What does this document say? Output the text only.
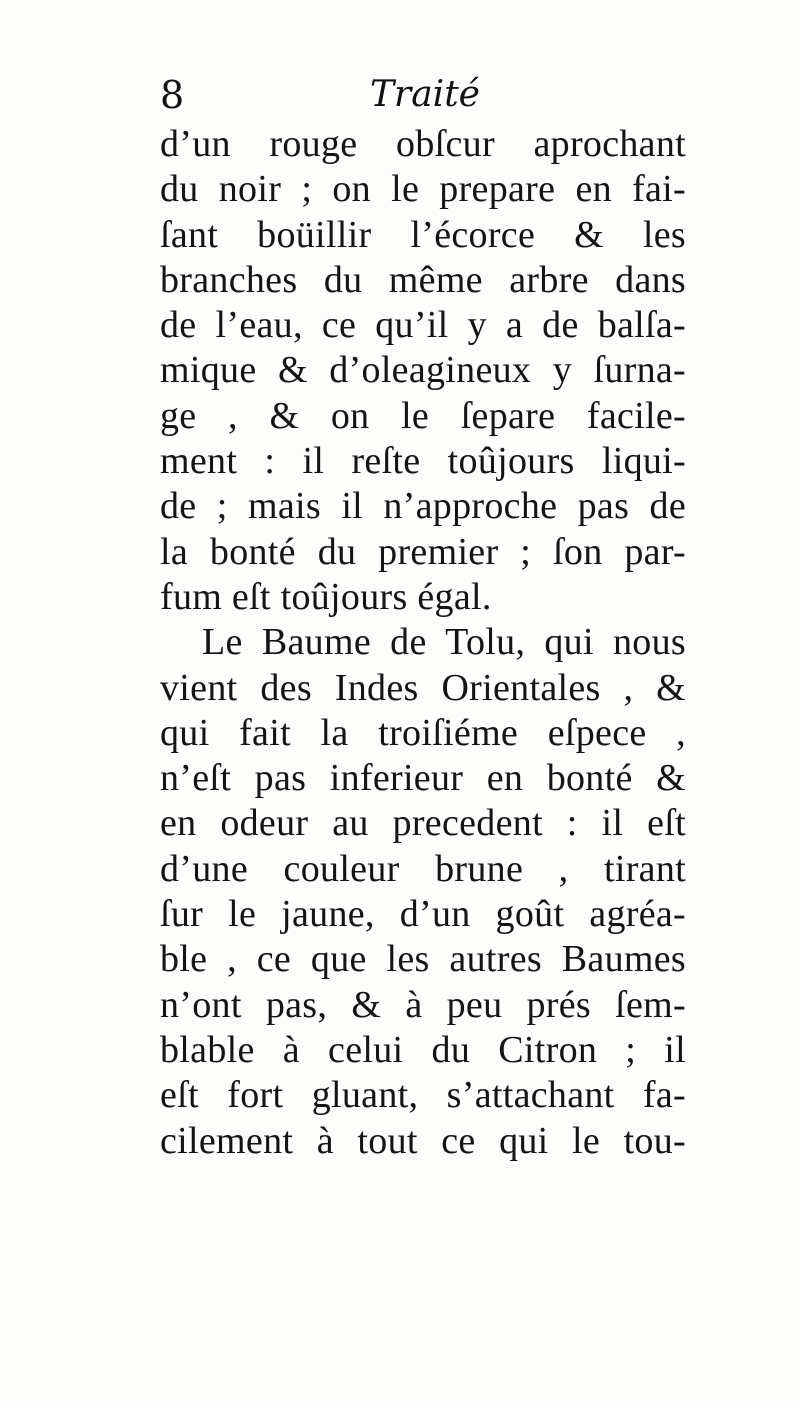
8	Traité
d’un rouge obſcur aprochant
du noir ; on le prepare en fai-
ſant boüillir l’écorce & les
branches du même arbre dans
de l’eau, ce qu’il y a de balſa-
mique & d’oleagineux y ſurna-
ge , & on le ſepare facile-
ment : il reſte toûjours liqui-
de ; mais il n’approche pas de
la bonté du premier ; ſon par-
fum eſt toûjours égal.
Le Baume de Tolu, qui nous
vient des Indes Orientales , &
qui fait la troiſiéme eſpece ,
n’eſt pas inferieur en bonté &
en odeur au precedent : il eſt
d’une couleur brune , tirant
ſur le jaune, d’un goût agréa-
ble , ce que les autres Baumes
n’ont pas, & à peu prés ſem-
blable à celui du Citron ; il
eſt fort gluant, s’attachant fa-
cilement à tout ce qui le tou-
